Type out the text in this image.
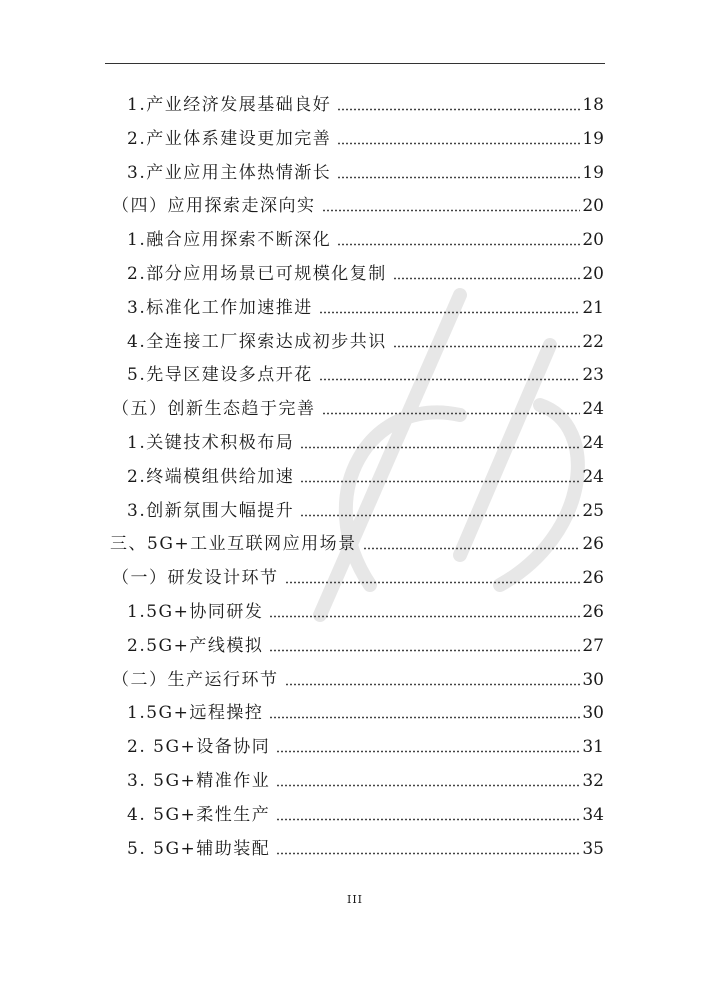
1.产业经济发展基础良好	18
2.产业体系建设更加完善	19
3.产业应用主体热情渐长	19
（四）应用探索走深向实	20
1.融合应用探索不断深化	20
2.部分应用场景已可规模化复制	20
3.标准化工作加速推进	21
4.全连接工厂探索达成初步共识	22
5.先导区建设多点开花	23
（五）创新生态趋于完善	24
1.关键技术积极布局	24
2.终端模组供给加速	24
3.创新氛围大幅提升	25
三、5G+工业互联网应用场景	26
（一）研发设计环节	26
1.5G+协同研发	26
2.5G+产线模拟	27
（二）生产运行环节	30
1.5G+远程操控	30
2. 5G+设备协同	31
3. 5G+精准作业	32
4. 5G+柔性生产	34
5. 5G+辅助装配	35
III
